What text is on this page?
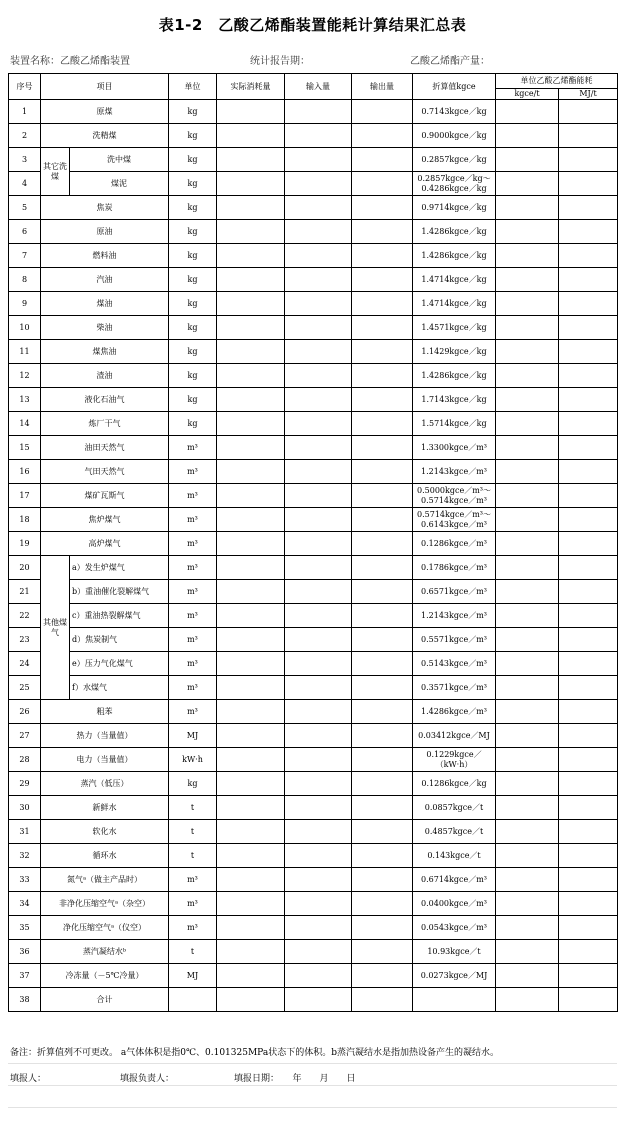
表1-2　乙酸乙烯酯装置能耗计算结果汇总表
装置名称：乙酸乙烯酯装置	统计报告期：	乙酸乙烯酯产量：
序号	项目		单位	实际消耗量	输入量	输出量	折算值kgce	单位乙酸乙烯酯能耗	
								kgce/t	MJ/t
1	原煤		kg				0.7143kgce／kg		

2	洗精煤		kg				0.9000kgce／kg		

3	其它洗煤	洗中煤	kg				0.2857kgce／kg		

4		煤泥	kg				0.2857kgce／kg～
0.4286kgce／kg		

5	焦炭		kg				0.9714kgce／kg		

6	原油		kg				1.4286kgce／kg		

7	燃料油		kg				1.4286kgce／kg		

8	汽油		kg				1.4714kgce／kg		

9	煤油		kg				1.4714kgce／kg		

10	柴油		kg				1.4571kgce／kg		

11	煤焦油		kg				1.1429kgce／kg		

12	渣油		kg				1.4286kgce／kg		

13	液化石油气		kg				1.7143kgce／kg		

14	炼厂干气		kg				1.5714kgce／kg		

15	油田天然气		m³				1.3300kgce／m³		

16	气田天然气		m³				1.2143kgce／m³		

17	煤矿瓦斯气		m³				0.5000kgce／m³～
0.5714kgce／m³		

18	焦炉煤气		m³				0.5714kgce／m³～
0.6143kgce／m³		

19	高炉煤气		m³				0.1286kgce／m³		

20	其他煤气	a）发生炉煤气	m³				0.1786kgce／m³		

21		b）重油催化裂解煤气	m³				0.6571kgce／m³		

22		c）重油热裂解煤气	m³				1.2143kgce／m³		

23		d）焦炭制气	m³				0.5571kgce／m³		

24		e）压力气化煤气	m³				0.5143kgce／m³		

25		f）水煤气	m³				0.3571kgce／m³		

26	粗苯		m³				1.4286kgce／m³		

27	热力（当量值）		MJ				0.03412kgce／MJ		

28	电力（当量值）		kW·h				0.1229kgce／
（kW·h）		

29	蒸汽（低压）		kg				0.1286kgce／kg		

30	新鲜水		t				0.0857kgce／t		

31	软化水		t				0.4857kgce／t		

32	循环水		t				0.143kgce／t		

33	氮气ᵃ（做主产品时）		m³				0.6714kgce／m³		

34	非净化压缩空气ᵃ（杂空）		m³				0.0400kgce／m³		

35	净化压缩空气ᵃ（仪空）		m³				0.0543kgce／m³		

36	蒸汽凝结水ᵇ		t				10.93kgce／t		

37	冷冻量（－5℃冷量）		MJ				0.0273kgce／MJ		

38	合计						

备注：折算值列不可更改。 a气体体积是指0℃、0.101325MPa状态下的体积。b蒸汽凝结水是指加热设备产生的凝结水。
填报人：	填报负责人：	填报日期：　　年　　月　　日
